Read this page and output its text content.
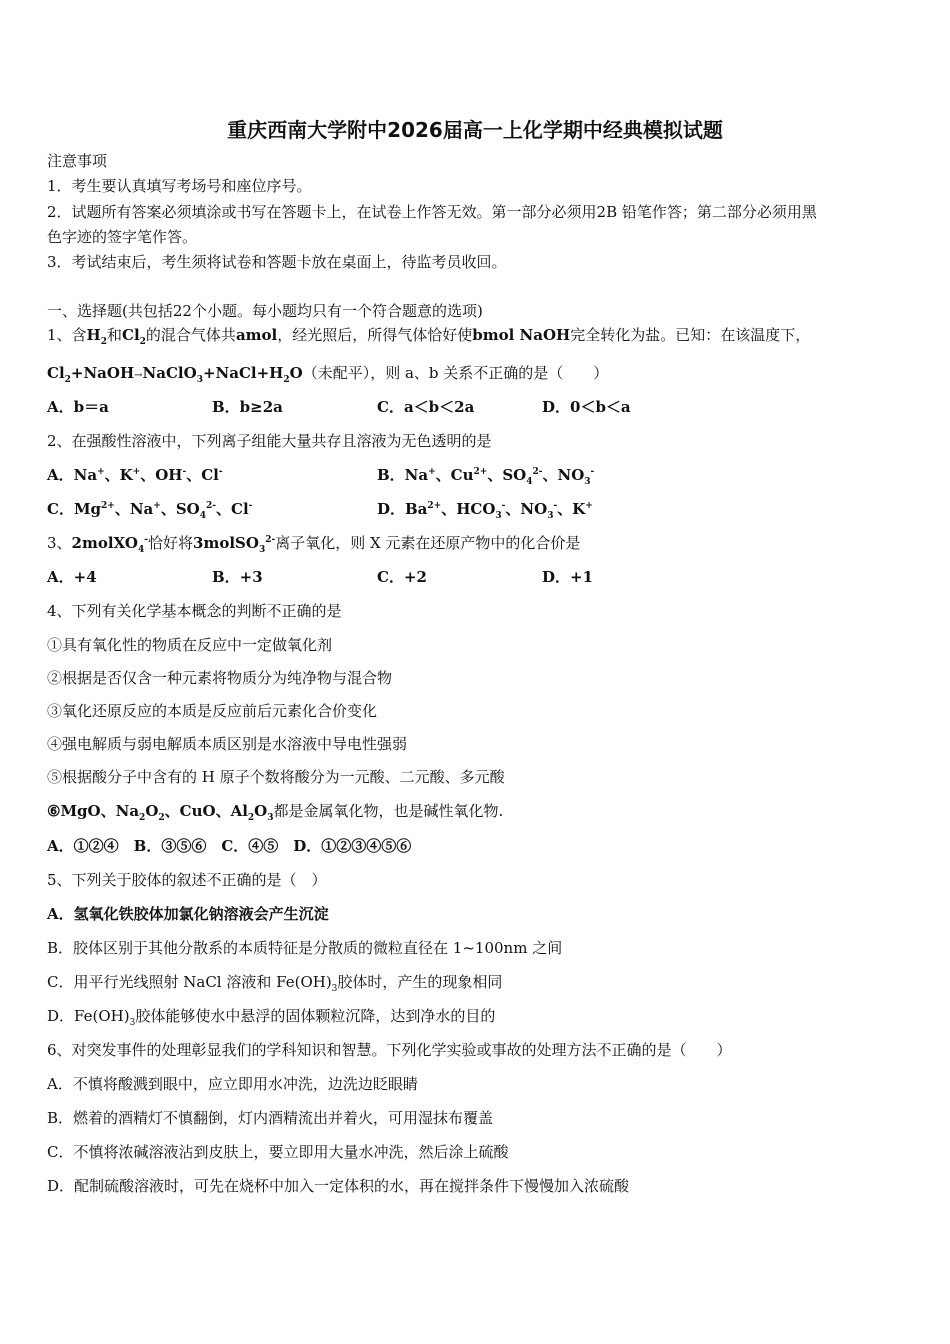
重庆西南大学附中2026届高一上化学期中经典模拟试题
注意事项
1．考生要认真填写考场号和座位序号。
2．试题所有答案必须填涂或书写在答题卡上，在试卷上作答无效。第一部分必须用2B 铅笔作答；第二部分必须用黑
色字迹的签字笔作答。
3．考试结束后，考生须将试卷和答题卡放在桌面上，待监考员收回。
一、选择题(共包括22个小题。每小题均只有一个符合题意的选项)
1、含$H_2$和$Cl_2$的混合气体共amol，经光照后，所得气体恰好使bmol NaOH完全转化为盐。已知：在该温度下，
$Cl_2+NaOH\to NaClO_3+NaCl+H_2O$（未配平），则 a、b 关系不正确的是（　　）
A．b＝a	B．b≥2a	C．a＜b＜2a	D．0＜b＜a
2、在强酸性溶液中，下列离子组能大量共存且溶液为无色透明的是
A．Na+、K+、OH-、Cl-	B．Na+、$Cu^{2+}$、$SO_4^{2-}$、$NO_3^-$
C．$Mg^{2+}$、Na+、$SO_4^{2-}$、Cl-	D．$Ba^{2+}$、$HCO_3^-$、$NO_3^-$、K+
3、2molXO$_4$-恰好将3molSO$_3^{2-}$离子氧化，则 X 元素在还原产物中的化合价是
A．+4	B．+3	C．+2	D．+1
4、下列有关化学基本概念的判断不正确的是
①具有氧化性的物质在反应中一定做氧化剂
②根据是否仅含一种元素将物质分为纯净物与混合物
③氧化还原反应的本质是反应前后元素化合价变化
④强电解质与弱电解质本质区别是水溶液中导电性强弱
⑤根据酸分子中含有的 H 原子个数将酸分为一元酸、二元酸、多元酸
⑥MgO、$Na_2O_2$、CuO、$Al_2O_3$都是金属氧化物，也是碱性氧化物.
A．①②④　B．③⑤⑥　C．④⑤　D．①②③④⑤⑥
5、下列关于胶体的叙述不正确的是（　）
A．氢氧化铁胶体加氯化钠溶液会产生沉淀
B．胶体区别于其他分散系的本质特征是分散质的微粒直径在 1~100nm 之间
C．用平行光线照射 NaCl 溶液和 $Fe(OH)_3$胶体时，产生的现象相同
D．$Fe(OH)_3$胶体能够使水中悬浮的固体颗粒沉降，达到净水的目的
6、对突发事件的处理彰显我们的学科知识和智慧。下列化学实验或事故的处理方法不正确的是（　　）
A．不慎将酸溅到眼中，应立即用水冲洗，边洗边眨眼睛
B．燃着的酒精灯不慎翻倒，灯内酒精流出并着火，可用湿抹布覆盖
C．不慎将浓碱溶液沾到皮肤上，要立即用大量水冲洗，然后涂上硫酸
D．配制硫酸溶液时，可先在烧杯中加入一定体积的水，再在搅拌条件下慢慢加入浓硫酸
